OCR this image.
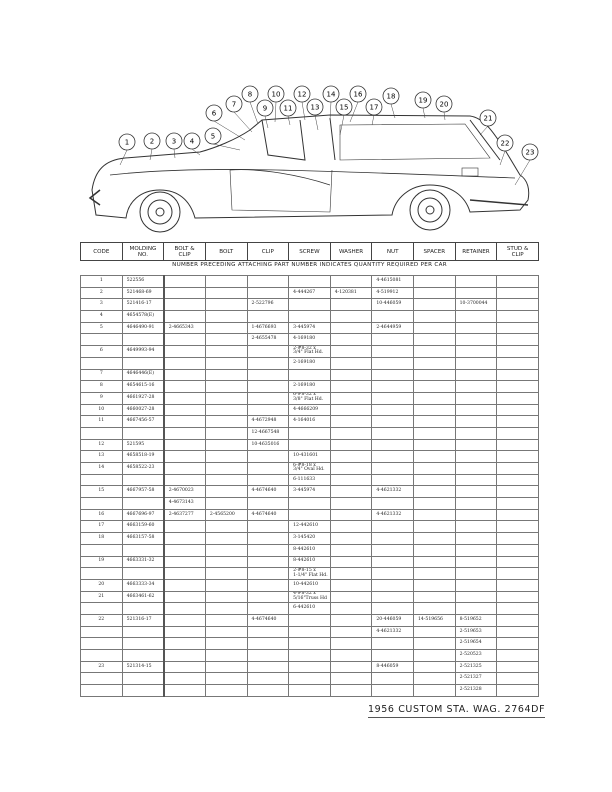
1	2	3 4
5
6
7
8
9
10
11
12
13
14
15
16
17
18	19 20
21
22
23
CODE	MOLDING
NO.	BOLT &
CLIP	BOLT	CLIP	SCREW	WASHER	NUT	SPACER	RETAINER	STUD &
CLIP
NUMBER PRECEDING ATTACHING PART NUMBER INDICATES QUANTITY REQUIRED PER CAR
1	522556						4-4615081			
2	521468-69				4-444267	4-120381	4-519912			
3	521416-17			2-522796			10-446059		10-3700044	
4	4654578(E)									
5	4646490-91	2-4665343		1-4676693	3-445974		2-4644959			
				2-4655478	4-169180					
6	4649993-94				2-#8-32 x
3/4" Flat Hd.					
					2-169180					
7	4646446(E)									
8	4654615-16				2-169180					
9	4661927-28				6-#8-32 x
3/8" Flat Hd.					
10	4660027-28				4-4666209					
11	4667456-57			4-4672948	4-164016					
				12-4667548						
12	521595			10-4635016						
13	4658518-19				10-431601					
14	4658522-23				6-#8-18 x
3/4" Oval Hd.					
					6-111633					
15	4667957-58	2-4670023		4-4674640	3-445974		4-4621332			
		4-4673143								
16	4667696-97	2-4637277	2-4565200	4-4674640			4-4621332			
17	4663159-60				12-442610					
18	4663157-58				3-145420					
					8-442610					
19	4663331-32				8-442610					
					2-#8-15 x
1-1/4" Flat Hd.					
20	4663333-34				10-442610					
21	4663461-62				4-#8-32 x
5/16"Truss Hd					
					6-442610					
22	521316-17			4-4674640			20-446059	14-519656	8-519652	
							4-4621332		2-519653	
									2-519654	
									2-520523	
23	521314-15						8-446059		2-521325	
									2-521327	
									2-521328	
1956 CUSTOM STA. WAG. 2764DF
